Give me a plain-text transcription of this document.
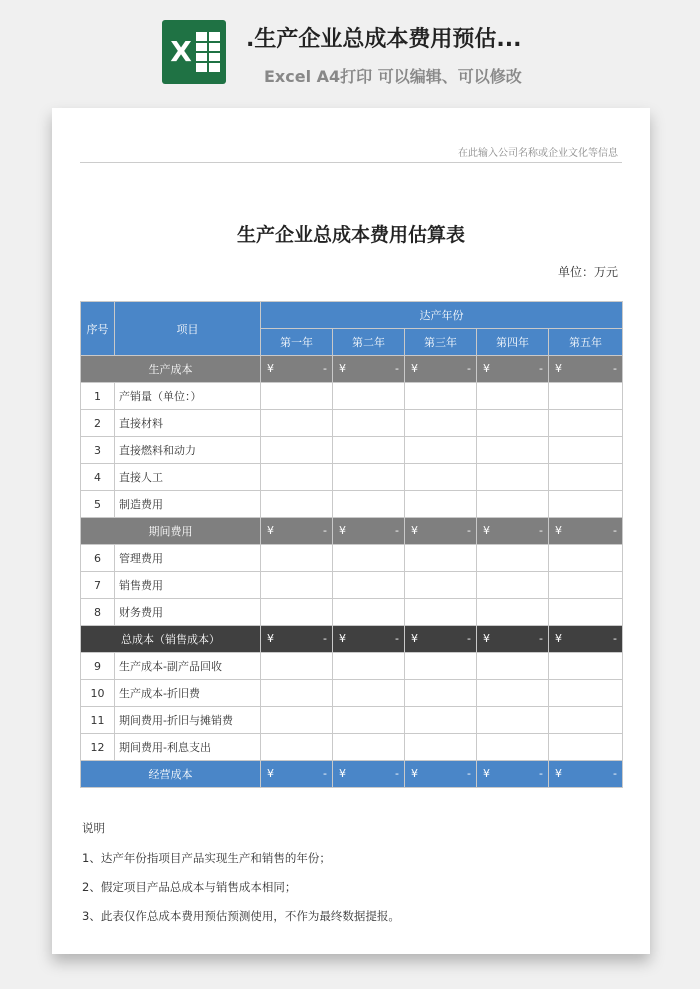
X .生产企业总成本费用预估...
Excel A4打印 可以编辑、可以修改
在此输入公司名称或企业文化等信息
生产企业总成本费用估算表
单位：万元
序号	项目	达产年份				
		第一年	第二年	第三年	第四年	第五年
生产成本		¥ -	¥ -	¥ -	¥ -	¥ -

1	产销量（单位：）					
2	直接材料					
3	直接燃料和动力					
4	直接人工					
5	制造费用					
期间费用		¥ -	¥ -	¥ -	¥ -	¥ -

6	管理费用					
7	销售费用					
8	财务费用					
总成本（销售成本）		¥ -	¥ -	¥ -	¥ -	¥ -

9	生产成本-副产品回收					
10	生产成本-折旧费					
11	期间费用-折旧与摊销费					
12	期间费用-利息支出					
经营成本		¥ -	¥ -	¥ -	¥ -	¥ -
说明
1、达产年份指项目产品实现生产和销售的年份；
2、假定项目产品总成本与销售成本相同；
3、此表仅作总成本费用预估预测使用，不作为最终数据提报。
